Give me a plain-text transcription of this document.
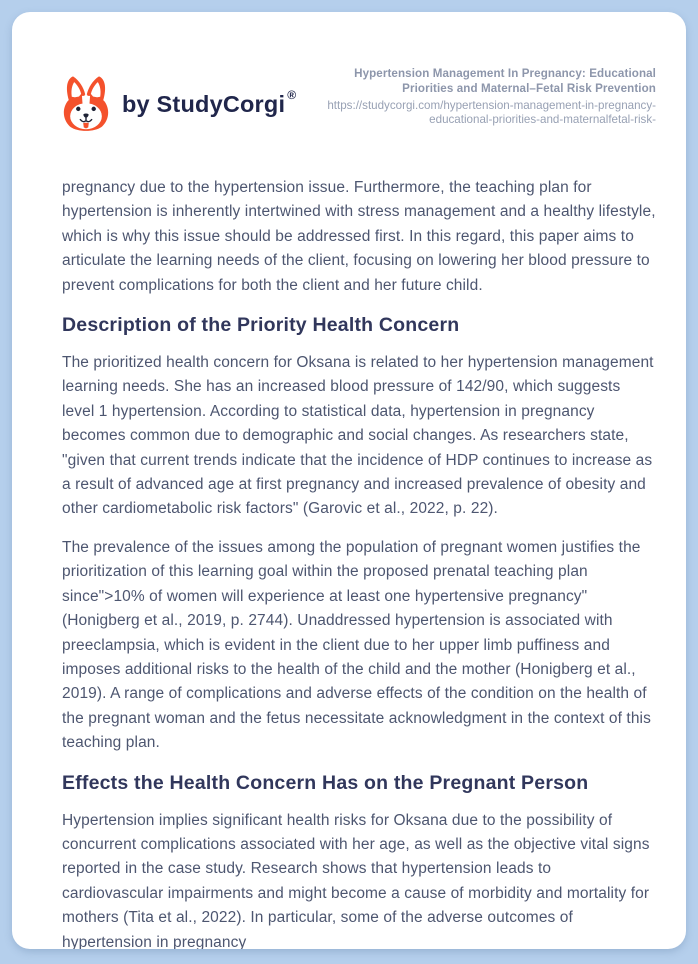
by StudyCorgi ®
Hypertension Management In Pregnancy: Educational Priorities and Maternal–Fetal Risk Prevention
https://studycorgi.com/hypertension-management-in-pregnancy-educational-priorities-and-maternalfetal-risk-

pregnancy due to the hypertension issue. Furthermore, the teaching plan for hypertension is inherently intertwined with stress management and a healthy lifestyle, which is why this issue should be addressed first. In this regard, this paper aims to articulate the learning needs of the client, focusing on lowering her blood pressure to prevent complications for both the client and her future child.

Description of the Priority Health Concern

The prioritized health concern for Oksana is related to her hypertension management learning needs. She has an increased blood pressure of 142/90, which suggests level 1 hypertension. According to statistical data, hypertension in pregnancy becomes common due to demographic and social changes. As researchers state, "given that current trends indicate that the incidence of HDP continues to increase as a result of advanced age at first pregnancy and increased prevalence of obesity and other cardiometabolic risk factors" (Garovic et al., 2022, p. 22).

The prevalence of the issues among the population of pregnant women justifies the prioritization of this learning goal within the proposed prenatal teaching plan since">10% of women will experience at least one hypertensive pregnancy" (Honigberg et al., 2019, p. 2744). Unaddressed hypertension is associated with preeclampsia, which is evident in the client due to her upper limb puffiness and imposes additional risks to the health of the child and the mother (Honigberg et al., 2019). A range of complications and adverse effects of the condition on the health of the pregnant woman and the fetus necessitate acknowledgment in the context of this teaching plan.

Effects the Health Concern Has on the Pregnant Person

Hypertension implies significant health risks for Oksana due to the possibility of concurrent complications associated with her age, as well as the objective vital signs reported in the case study. Research shows that hypertension leads to cardiovascular impairments and might become a cause of morbidity and mortality for mothers (Tita et al., 2022). In particular, some of the adverse outcomes of hypertension in pregnancy
